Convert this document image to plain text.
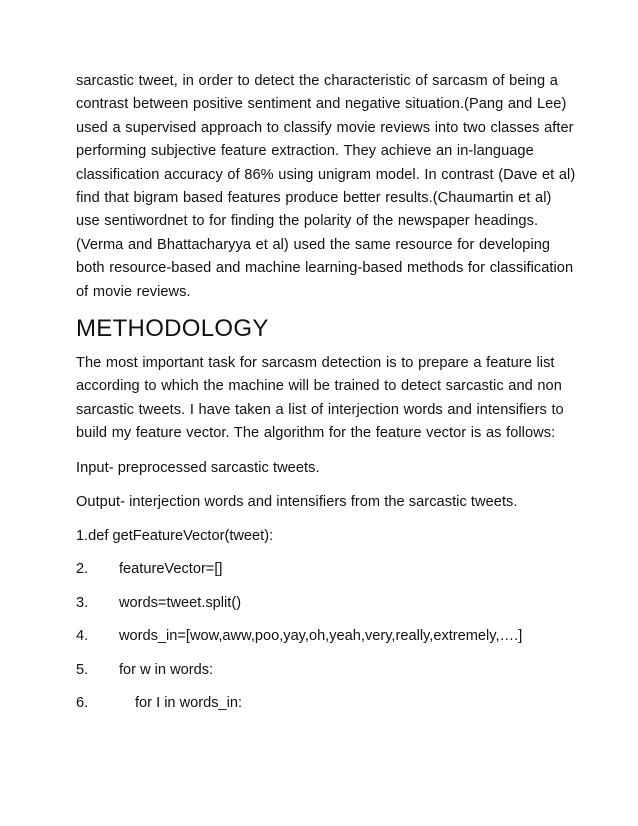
sarcastic tweet, in order to detect the characteristic of sarcasm of being a contrast between positive sentiment and negative situation.(Pang and Lee) used a supervised approach to classify movie reviews into two classes after performing subjective feature extraction. They achieve an in-language classification accuracy of 86% using unigram model. In contrast (Dave et al) find that bigram based features produce better results.(Chaumartin et al) use sentiwordnet to for finding the polarity of the newspaper headings. (Verma and Bhattacharyya et al) used the same resource for developing both resource-based and machine learning-based methods for classification of movie reviews.

METHODOLOGY

The most important task for sarcasm detection is to prepare a feature list according to which the machine will be trained to detect sarcastic and non sarcastic tweets. I have taken a list of interjection words and intensifiers to build my feature vector. The algorithm for the feature vector is as follows:

Input- preprocessed sarcastic tweets.

Output- interjection words and intensifiers from the sarcastic tweets.

1.def getFeatureVector(tweet):
2.	featureVector=[]
3.	words=tweet.split()
4.	words_in=[wow,aww,poo,yay,oh,yeah,very,really,extremely,….]
5.	for w in words:
6.	for I in words_in:
